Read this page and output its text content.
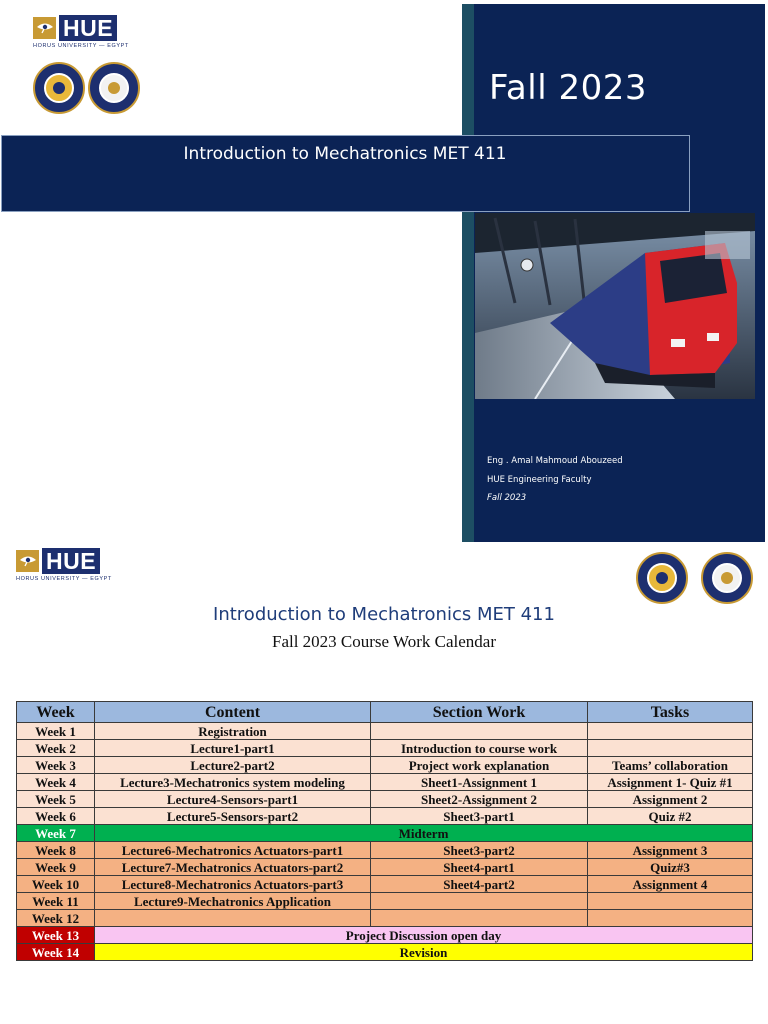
Fall 2023
Introduction to Mechatronics MET 411
HUE
HORUS UNIVERSITY — EGYPT
Eng . Amal Mahmoud Abouzeed
HUE Engineering Faculty
Fall 2023
HUE
HORUS UNIVERSITY — EGYPT
Introduction to Mechatronics MET 411
Fall 2023 Course Work Calendar
Week	Content	Section Work	Tasks
Week 1	Registration		
Week 2	Lecture1-part1	Introduction to course work	
Week 3	Lecture2-part2	Project work explanation	Teams’ collaboration
Week 4	Lecture3-Mechatronics system modeling	Sheet1-Assignment 1	Assignment 1- Quiz #1
Week 5	Lecture4-Sensors-part1	Sheet2-Assignment 2	Assignment 2
Week 6	Lecture5-Sensors-part2	Sheet3-part1	Quiz #2
Week 7	Midterm		
Week 8	Lecture6-Mechatronics Actuators-part1	Sheet3-part2	Assignment 3
Week 9	Lecture7-Mechatronics Actuators-part2	Sheet4-part1	Quiz#3
Week 10	Lecture8-Mechatronics Actuators-part3	Sheet4-part2	Assignment 4
Week 11	Lecture9-Mechatronics Application		
Week 12			
Week 13	Project Discussion open day		
Week 14	Revision		
